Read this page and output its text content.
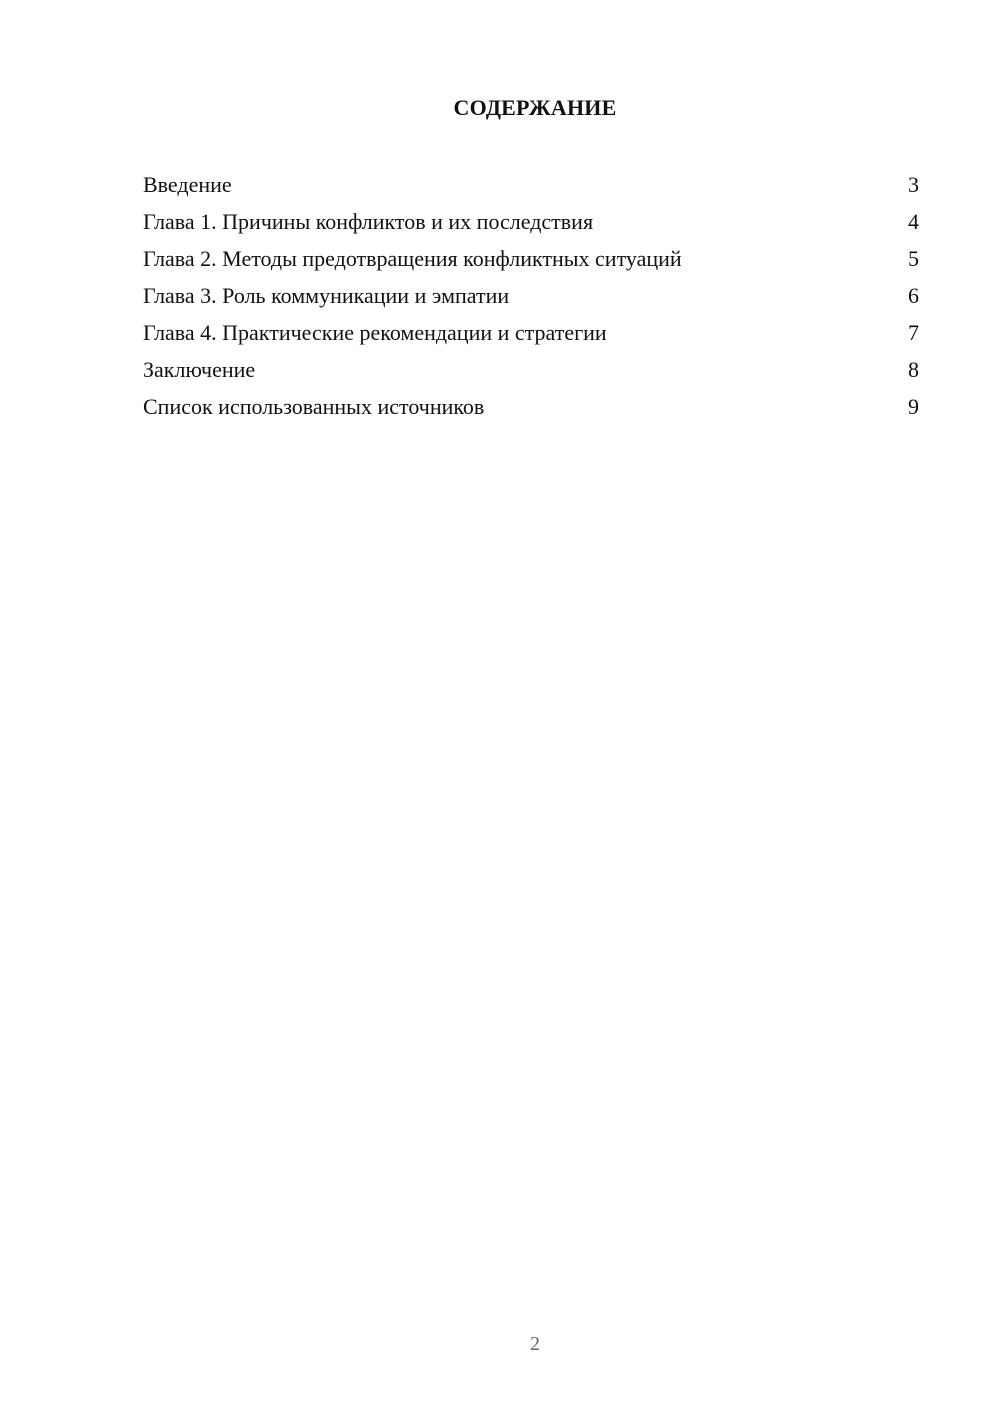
СОДЕРЖАНИЕ
Введение	3
Глава 1. Причины конфликтов и их последствия	4
Глава 2. Методы предотвращения конфликтных ситуаций	5
Глава 3. Роль коммуникации и эмпатии	6
Глава 4. Практические рекомендации и стратегии	7
Заключение	8
Список использованных источников	9
2
